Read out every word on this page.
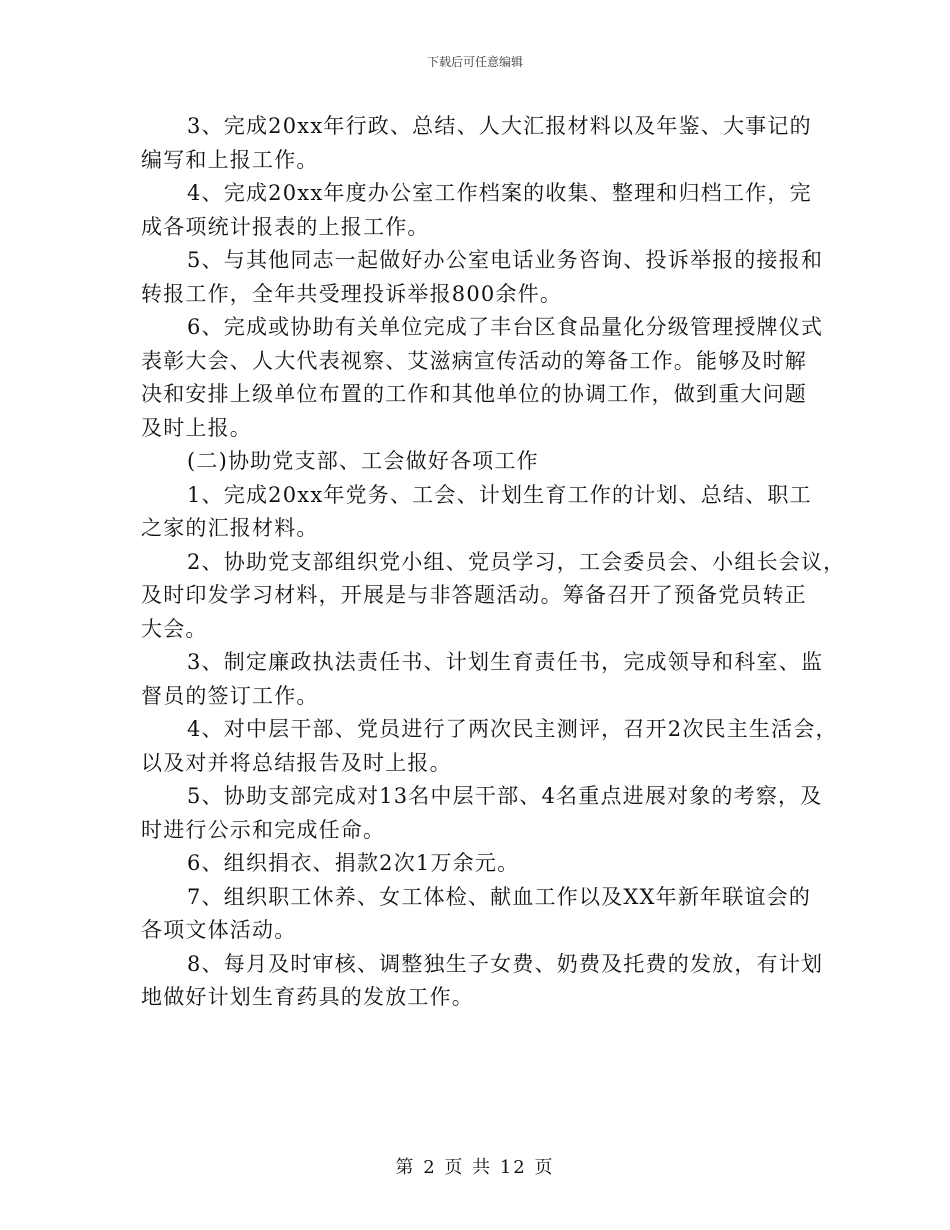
下载后可任意编辑
3、完成20xx年行政、总结、人大汇报材料以及年鉴、大事记的
编写和上报工作。
4、完成20xx年度办公室工作档案的收集、整理和归档工作，完
成各项统计报表的上报工作。
5、与其他同志一起做好办公室电话业务咨询、投诉举报的接报和
转报工作，全年共受理投诉举报800余件。
6、完成或协助有关单位完成了丰台区食品量化分级管理授牌仪式
表彰大会、人大代表视察、艾滋病宣传活动的筹备工作。能够及时解
决和安排上级单位布置的工作和其他单位的协调工作，做到重大问题
及时上报。
(二)协助党支部、工会做好各项工作
1、完成20xx年党务、工会、计划生育工作的计划、总结、职工
之家的汇报材料。
2、协助党支部组织党小组、党员学习，工会委员会、小组长会议，
及时印发学习材料，开展是与非答题活动。筹备召开了预备党员转正
大会。
3、制定廉政执法责任书、计划生育责任书，完成领导和科室、监
督员的签订工作。
4、对中层干部、党员进行了两次民主测评，召开2次民主生活会，
以及对并将总结报告及时上报。
5、协助支部完成对13名中层干部、4名重点进展对象的考察，及
时进行公示和完成任命。
6、组织捐衣、捐款2次1万余元。
7、组织职工休养、女工体检、献血工作以及XX年新年联谊会的
各项文体活动。
8、每月及时审核、调整独生子女费、奶费及托费的发放，有计划
地做好计划生育药具的发放工作。
第 2 页 共 12 页
